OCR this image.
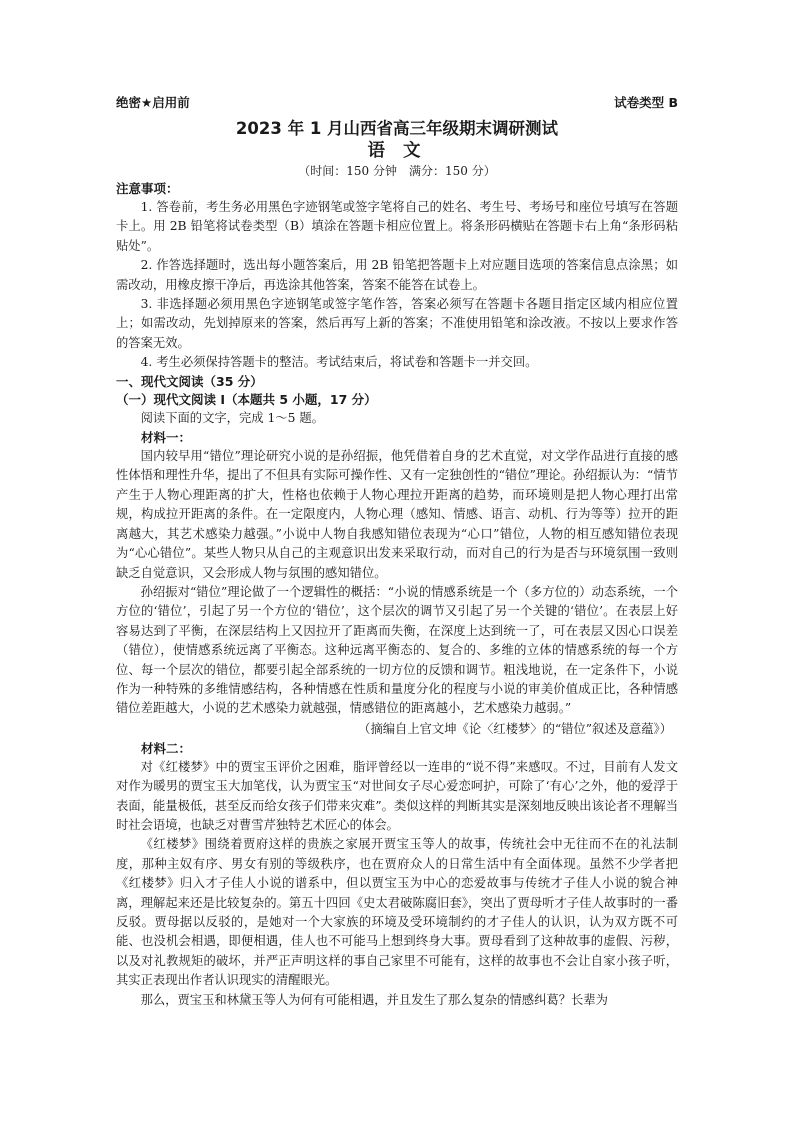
绝密★启用前	试卷类型 B
2023 年 1 月山西省高三年级期末调研测试
语 文
（时间：150 分钟　满分：150 分）
注意事项：

1. 答卷前，考生务必用黑色字迹钢笔或签字笔将自己的姓名、考生号、考场号和座位号填写在答题卡上。用 2B 铅笔将试卷类型（B）填涂在答题卡相应位置上。将条形码横贴在答题卡右上角“条形码粘贴处”。

2. 作答选择题时，选出每小题答案后，用 2B 铅笔把答题卡上对应题目选项的答案信息点涂黑；如需改动，用橡皮擦干净后，再选涂其他答案，答案不能答在试卷上。

3. 非选择题必须用黑色字迹钢笔或签字笔作答，答案必须写在答题卡各题目指定区域内相应位置上；如需改动，先划掉原来的答案，然后再写上新的答案；不准使用铅笔和涂改液。不按以上要求作答的答案无效。

4. 考生必须保持答题卡的整洁。考试结束后，将试卷和答题卡一并交回。

一、现代文阅读（35 分）
（一）现代文阅读 Ⅰ（本题共 5 小题，17 分）

阅读下面的文字，完成 1～5 题。

材料一：

国内较早用“错位”理论研究小说的是孙绍振，他凭借着自身的艺术直觉，对文学作品进行直接的感性体悟和理性升华，提出了不但具有实际可操作性、又有一定独创性的“错位”理论。孙绍振认为：“情节产生于人物心理距离的扩大，性格也依赖于人物心理拉开距离的趋势，而环境则是把人物心理打出常规，构成拉开距离的条件。在一定限度内，人物心理（感知、情感、语言、动机、行为等等）拉开的距离越大，其艺术感染力越强。”小说中人物自我感知错位表现为“心口”错位，人物的相互感知错位表现为“心心错位”。某些人物只从自己的主观意识出发来采取行动，而对自己的行为是否与环境氛围一致则缺乏自觉意识，又会形成人物与氛围的感知错位。

孙绍振对“错位”理论做了一个逻辑性的概括：“小说的情感系统是一个（多方位的）动态系统，一个方位的‘错位’，引起了另一个方位的‘错位’，这个层次的调节又引起了另一个关键的‘错位’。在表层上好容易达到了平衡，在深层结构上又因拉开了距离而失衡，在深度上达到统一了，可在表层又因心口误差（错位），使情感系统远离了平衡态。这种远离平衡态的、复合的、多维的立体的情感系统的每一个方位、每一个层次的错位，都要引起全部系统的一切方位的反馈和调节。粗浅地说，在一定条件下，小说作为一种特殊的多维情感结构，各种情感在性质和量度分化的程度与小说的审美价值成正比，各种情感错位差距越大，小说的艺术感染力就越强，情感错位的距离越小，艺术感染力越弱。”

（摘编自上官文坤《论〈红楼梦〉的“错位”叙述及意蕴》）
材料二：

对《红楼梦》中的贾宝玉评价之困难，脂评曾经以一连串的“说不得”来感叹。不过，目前有人发文对作为暖男的贾宝玉大加笔伐，认为贾宝玉“对世间女子尽心爱恋呵护，可除了‘有心’之外，他的爱浮于表面，能量极低，甚至反而给女孩子们带来灾难”。类似这样的判断其实是深刻地反映出该论者不理解当时社会语境，也缺乏对曹雪芹独特艺术匠心的体会。

《红楼梦》围绕着贾府这样的贵族之家展开贾宝玉等人的故事，传统社会中无往而不在的礼法制度，那种主奴有序、男女有别的等级秩序，也在贾府众人的日常生活中有全面体现。虽然不少学者把《红楼梦》归入才子佳人小说的谱系中，但以贾宝玉为中心的恋爱故事与传统才子佳人小说的貌合神离，理解起来还是比较复杂的。第五十四回《史太君破陈腐旧套》，突出了贾母听才子佳人故事时的一番反驳。贾母据以反驳的，是她对一个大家族的环境及受环境制约的才子佳人的认识，认为双方既不可能、也没机会相遇，即便相遇，佳人也不可能马上想到终身大事。贾母看到了这种故事的虚假、污秽，以及对礼教规矩的破坏，并严正声明这样的事自己家里不可能有，这样的故事也不会让自家小孩子听，其实正表现出作者认识现实的清醒眼光。

那么，贾宝玉和林黛玉等人为何有可能相遇，并且发生了那么复杂的情感纠葛？长辈为
